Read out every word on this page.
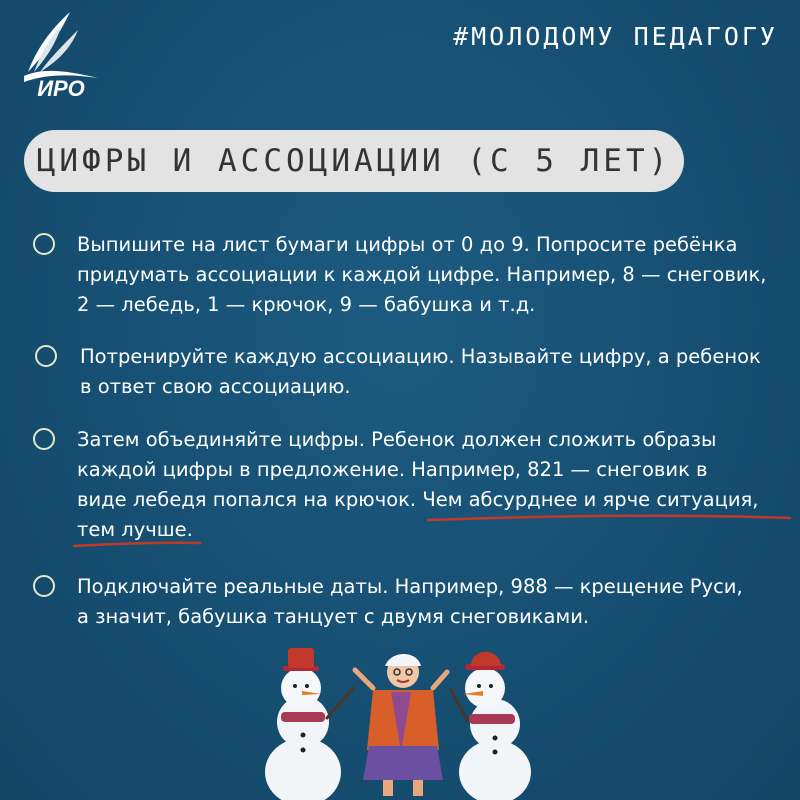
ИРО
#МОЛОДОМУ ПЕДАГОГУ
ЦИФРЫ И АССОЦИАЦИИ (С 5 ЛЕТ)

Выпишите на лист бумаги цифры от 0 до 9. Попросите ребёнка
придумать ассоциации к каждой цифре. Например, 8 — снеговик,
2 — лебедь, 1 — крючок, 9 — бабушка и т.д.

Потренируйте каждую ассоциацию. Называйте цифру, а ребенок
в ответ свою ассоциацию.

Затем объединяйте цифры. Ребенок должен сложить образы
каждой цифры в предложение. Например, 821 — снеговик в
виде лебедя попался на крючок. Чем абсурднее и ярче ситуация,
тем лучше.

Подключайте реальные даты. Например, 988 — крещение Руси,
а значит, бабушка танцует с двумя снеговиками.
